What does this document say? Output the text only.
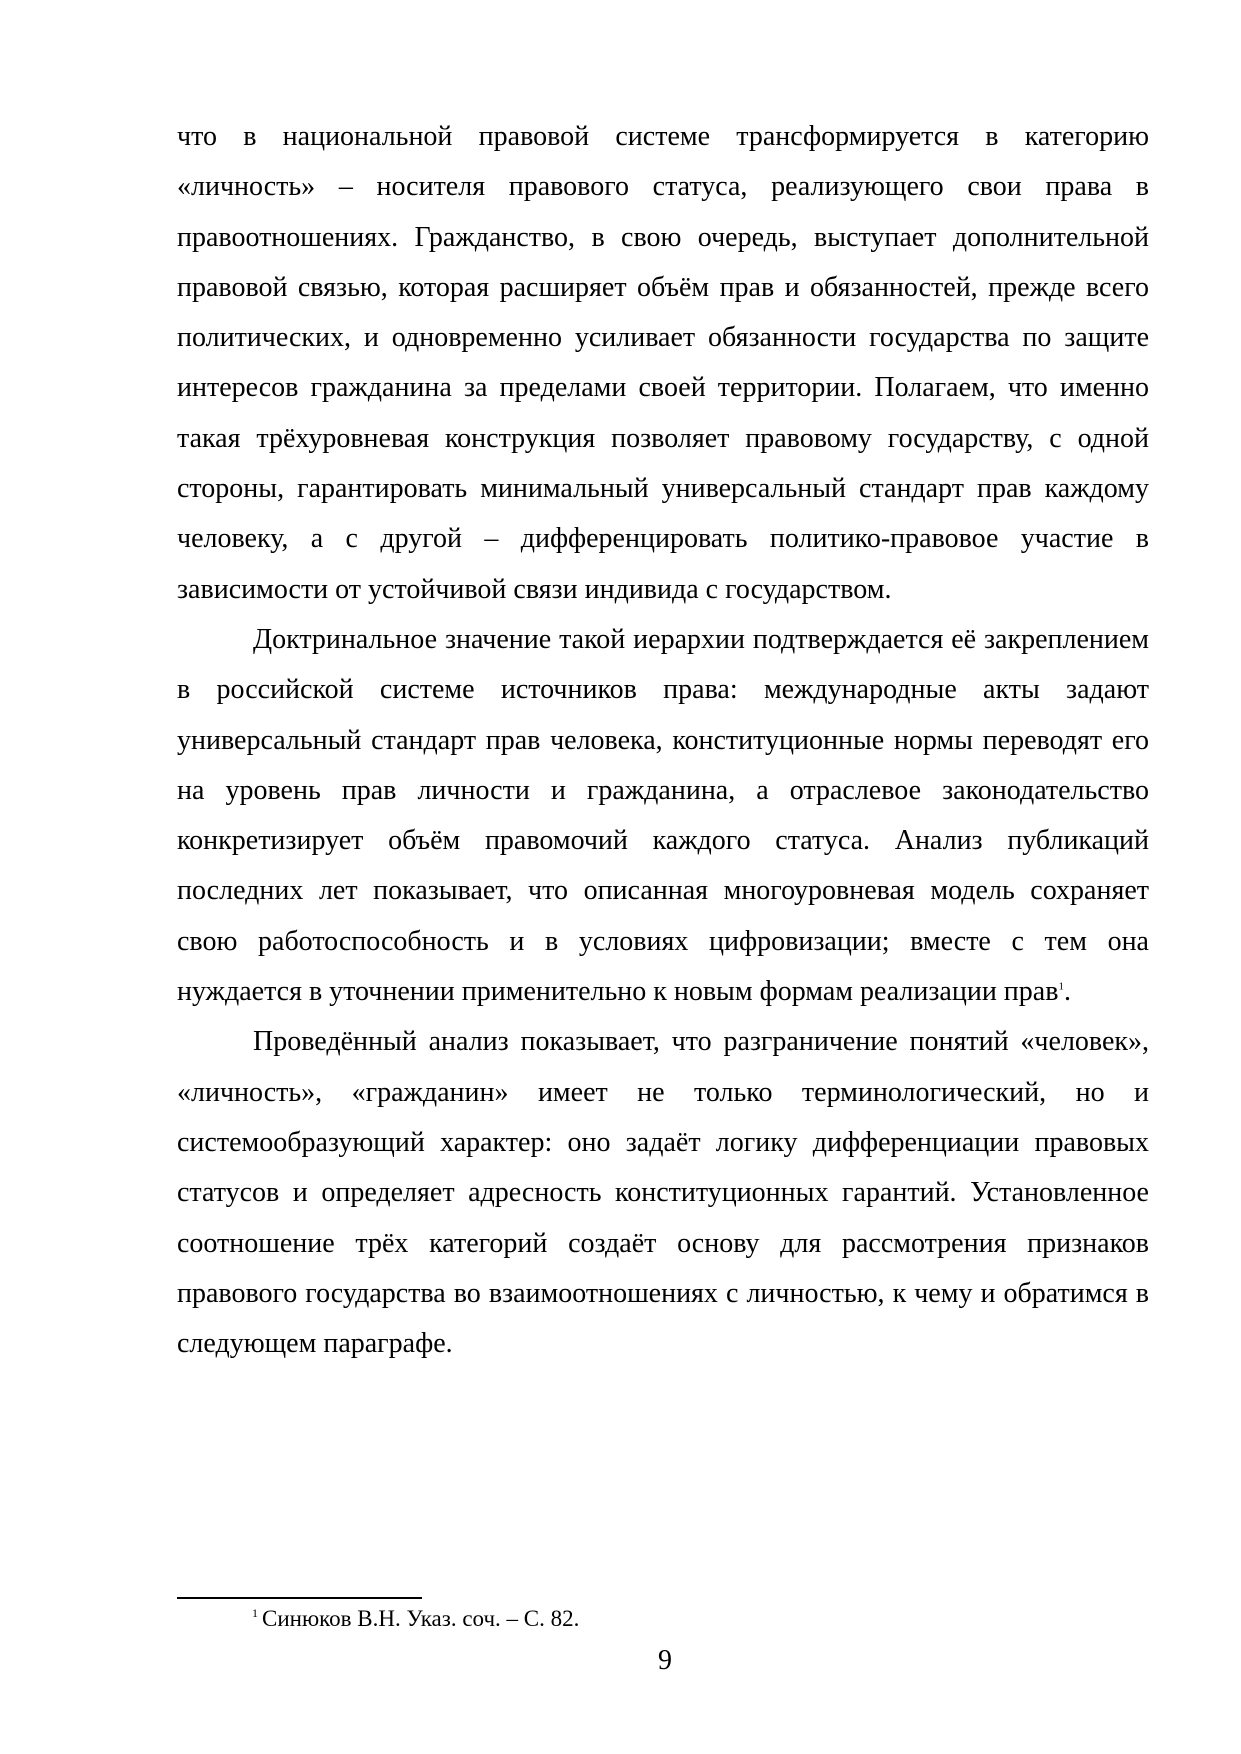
что в национальной правовой системе трансформируется в категорию «личность» – носителя правового статуса, реализующего свои права в правоотношениях. Гражданство, в свою очередь, выступает дополнительной правовой связью, которая расширяет объём прав и обязанностей, прежде всего политических, и одновременно усиливает обязанности государства по защите интересов гражданина за пределами своей территории. Полагаем, что именно такая трёхуровневая конструкция позволяет правовому государству, с одной стороны, гарантировать минимальный универсальный стандарт прав каждому человеку, а с другой – дифференцировать политико-правовое участие в зависимости от устойчивой связи индивида с государством.

Доктринальное значение такой иерархии подтверждается её закреплением в российской системе источников права: международные акты задают универсальный стандарт прав человека, конституционные нормы переводят его на уровень прав личности и гражданина, а отраслевое законодательство конкретизирует объём правомочий каждого статуса. Анализ публикаций последних лет показывает, что описанная многоуровневая модель сохраняет свою работоспособность и в условиях цифровизации; вместе с тем она нуждается в уточнении применительно к новым формам реализации прав$^1$.

Проведённый анализ показывает, что разграничение понятий «человек», «личность», «гражданин» имеет не только терминологический, но и системообразующий характер: оно задаёт логику дифференциации правовых статусов и определяет адресность конституционных гарантий. Установленное соотношение трёх категорий создаёт основу для рассмотрения признаков правового государства во взаимоотношениях с личностью, к чему и обратимся в следующем параграфе.

$^1$ Синюков В.Н. Указ. соч. – С. 82.
9
